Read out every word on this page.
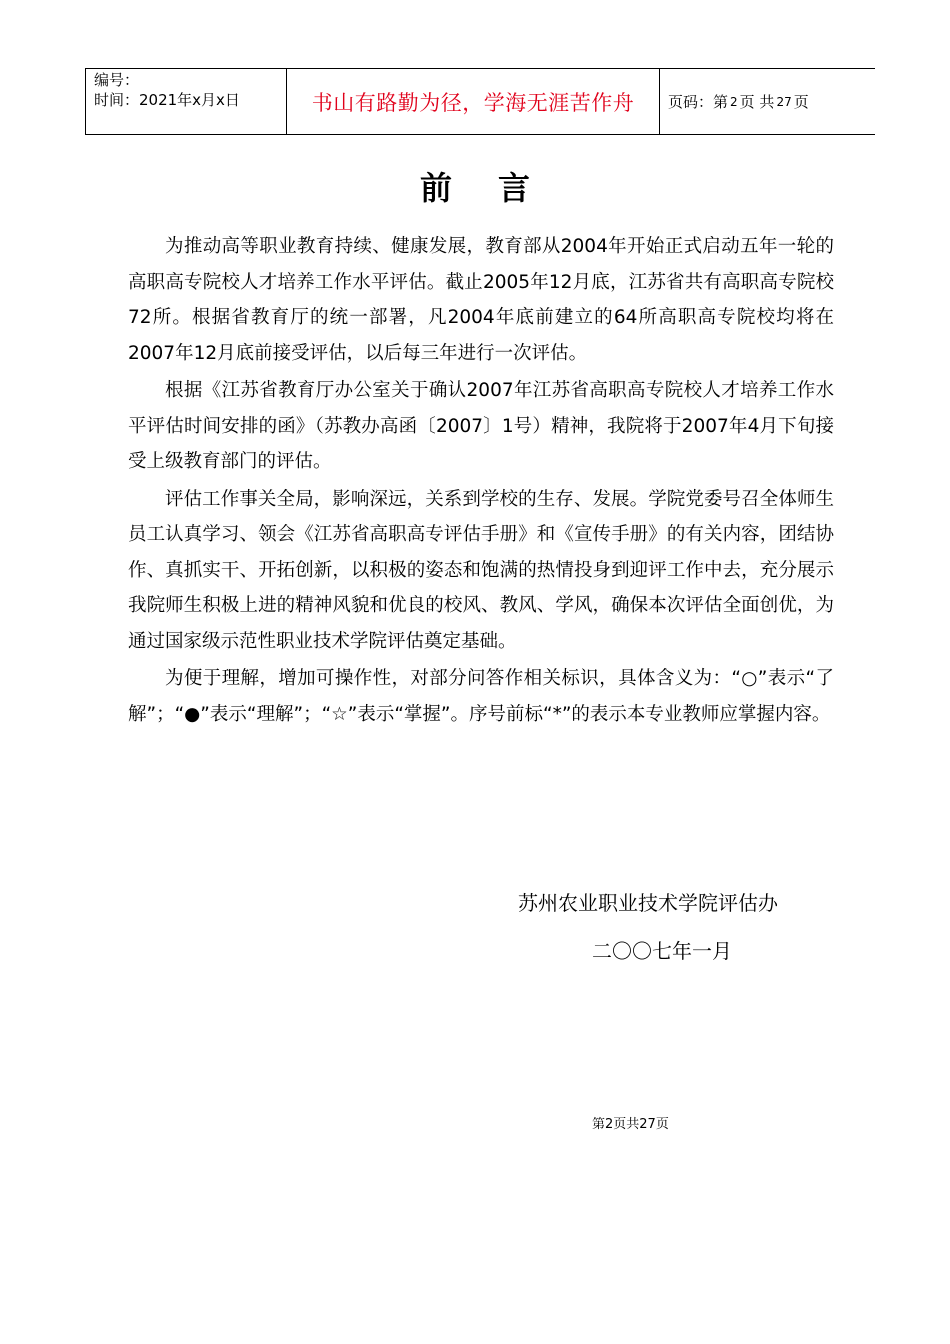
编号：
时间：2021年x月x日	书山有路勤为径，学海无涯苦作舟 页码：第 2 页 共 27 页
前言

为推动高等职业教育持续、健康发展，教育部从2004年开始正式启动五年一轮的高职高专院校人才培养工作水平评估。截止2005年12月底，江苏省共有高职高专院校72所。根据省教育厅的统一部署，凡2004年底前建立的64所高职高专院校均将在2007年12月底前接受评估，以后每三年进行一次评估。

根据《江苏省教育厅办公室关于确认2007年江苏省高职高专院校人才培养工作水平评估时间安排的函》（苏教办高函〔2007〕1号）精神，我院将于2007年4月下旬接受上级教育部门的评估。

评估工作事关全局，影响深远，关系到学校的生存、发展。学院党委号召全体师生员工认真学习、领会《江苏省高职高专评估手册》和《宣传手册》的有关内容，团结协作、真抓实干、开拓创新，以积极的姿态和饱满的热情投身到迎评工作中去，充分展示我院师生积极上进的精神风貌和优良的校风、教风、学风，确保本次评估全面创优，为通过国家级示范性职业技术学院评估奠定基础。

为便于理解，增加可操作性，对部分问答作相关标识，具体含义为：“○”表示“了解”；“●”表示“理解”；“☆”表示“掌握”。序号前标“*”的表示本专业教师应掌握内容。

苏州农业职业技术学院评估办
二〇〇七年一月
第2页共27页
